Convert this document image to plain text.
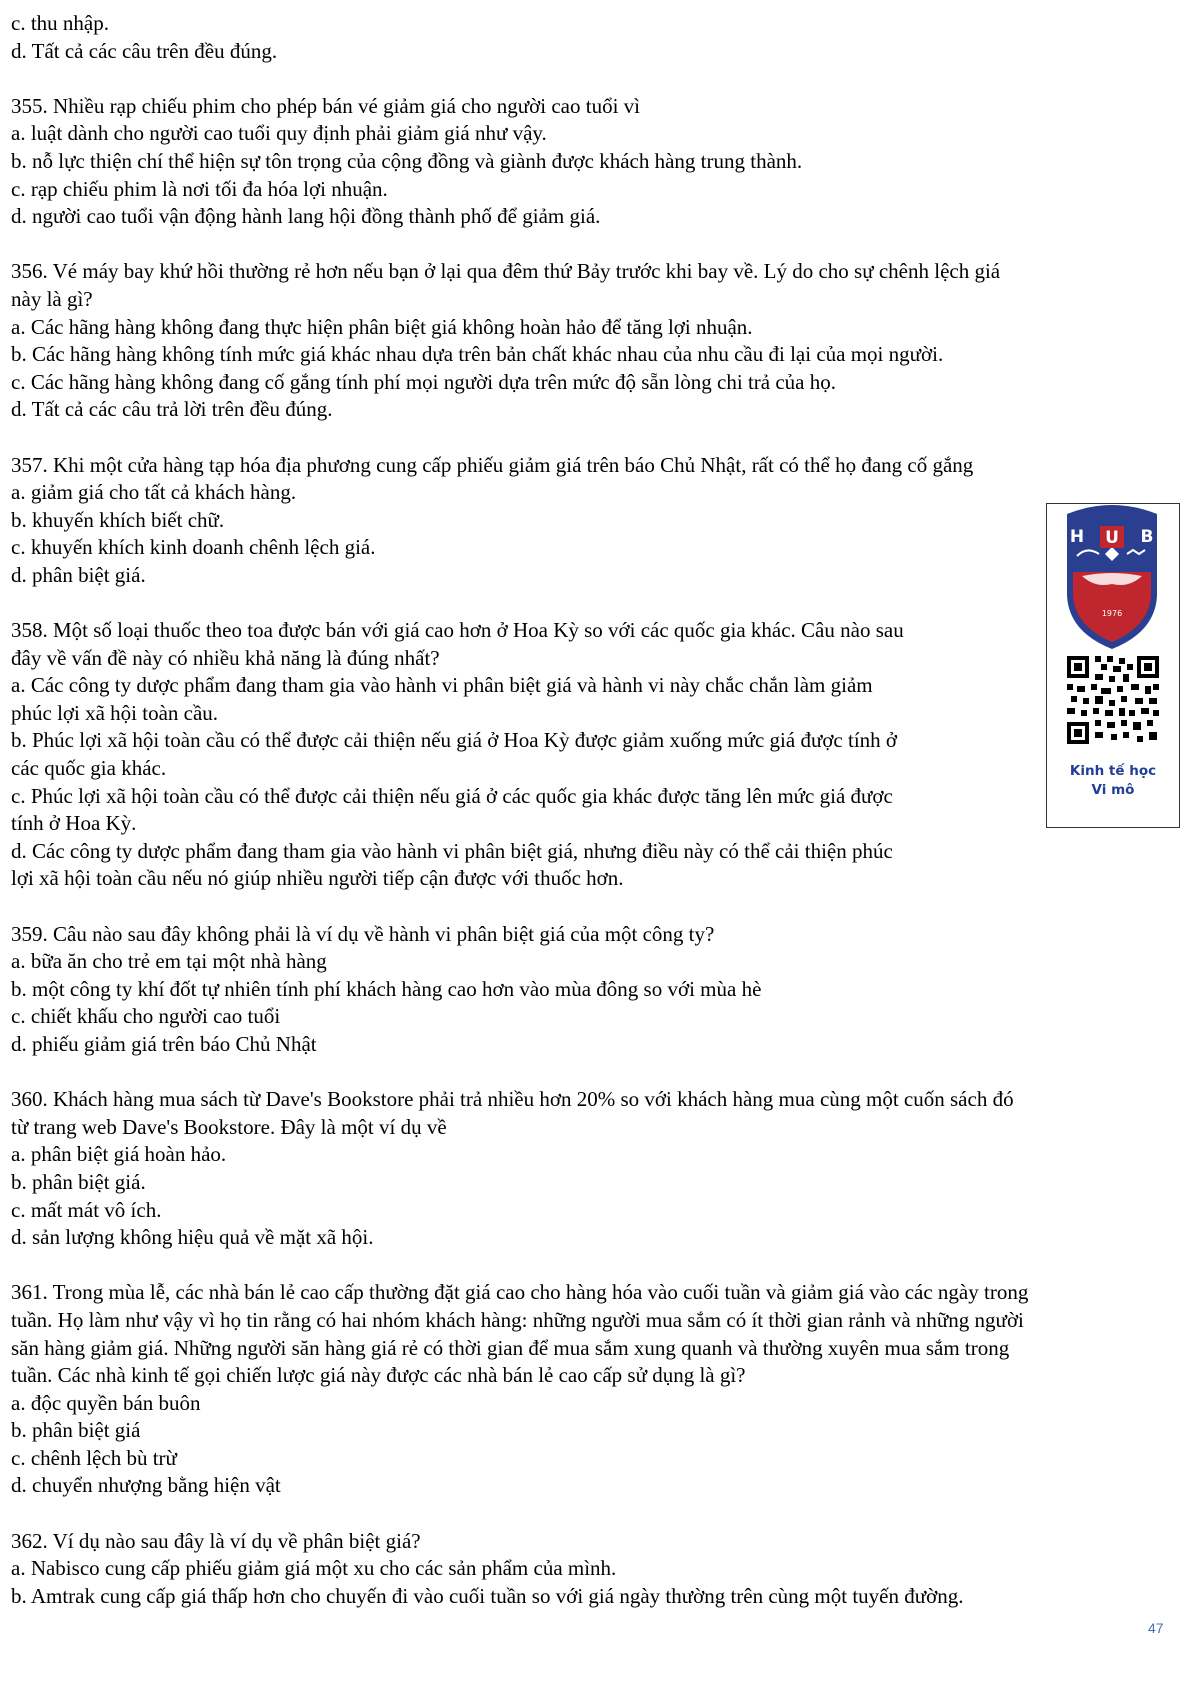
c. thu nhập.
d. Tất cả các câu trên đều đúng.
355. Nhiều rạp chiếu phim cho phép bán vé giảm giá cho người cao tuổi vì
a. luật dành cho người cao tuổi quy định phải giảm giá như vậy.
b. nỗ lực thiện chí thể hiện sự tôn trọng của cộng đồng và giành được khách hàng trung thành.
c. rạp chiếu phim là nơi tối đa hóa lợi nhuận.
d. người cao tuổi vận động hành lang hội đồng thành phố để giảm giá.
356. Vé máy bay khứ hồi thường rẻ hơn nếu bạn ở lại qua đêm thứ Bảy trước khi bay về. Lý do cho sự chênh lệch giá
này là gì?
a. Các hãng hàng không đang thực hiện phân biệt giá không hoàn hảo để tăng lợi nhuận.
b. Các hãng hàng không tính mức giá khác nhau dựa trên bản chất khác nhau của nhu cầu đi lại của mọi người.
c. Các hãng hàng không đang cố gắng tính phí mọi người dựa trên mức độ sẵn lòng chi trả của họ.
d. Tất cả các câu trả lời trên đều đúng.
357. Khi một cửa hàng tạp hóa địa phương cung cấp phiếu giảm giá trên báo Chủ Nhật, rất có thể họ đang cố gắng
a. giảm giá cho tất cả khách hàng.
b. khuyến khích biết chữ.
c. khuyến khích kinh doanh chênh lệch giá.
d. phân biệt giá.
358. Một số loại thuốc theo toa được bán với giá cao hơn ở Hoa Kỳ so với các quốc gia khác. Câu nào sau
đây về vấn đề này có nhiều khả năng là đúng nhất?
a. Các công ty dược phẩm đang tham gia vào hành vi phân biệt giá và hành vi này chắc chắn làm giảm
phúc lợi xã hội toàn cầu.
b. Phúc lợi xã hội toàn cầu có thể được cải thiện nếu giá ở Hoa Kỳ được giảm xuống mức giá được tính ở
các quốc gia khác.
c. Phúc lợi xã hội toàn cầu có thể được cải thiện nếu giá ở các quốc gia khác được tăng lên mức giá được
tính ở Hoa Kỳ.
d. Các công ty dược phẩm đang tham gia vào hành vi phân biệt giá, nhưng điều này có thể cải thiện phúc
lợi xã hội toàn cầu nếu nó giúp nhiều người tiếp cận được với thuốc hơn.
359. Câu nào sau đây không phải là ví dụ về hành vi phân biệt giá của một công ty?
a. bữa ăn cho trẻ em tại một nhà hàng
b. một công ty khí đốt tự nhiên tính phí khách hàng cao hơn vào mùa đông so với mùa hè
c. chiết khấu cho người cao tuổi
d. phiếu giảm giá trên báo Chủ Nhật
360. Khách hàng mua sách từ Dave's Bookstore phải trả nhiều hơn 20% so với khách hàng mua cùng một cuốn sách đó
từ trang web Dave's Bookstore. Đây là một ví dụ về
a. phân biệt giá hoàn hảo.
b. phân biệt giá.
c. mất mát vô ích.
d. sản lượng không hiệu quả về mặt xã hội.
361. Trong mùa lễ, các nhà bán lẻ cao cấp thường đặt giá cao cho hàng hóa vào cuối tuần và giảm giá vào các ngày trong
tuần. Họ làm như vậy vì họ tin rằng có hai nhóm khách hàng: những người mua sắm có ít thời gian rảnh và những người
săn hàng giảm giá. Những người săn hàng giá rẻ có thời gian để mua sắm xung quanh và thường xuyên mua sắm trong
tuần. Các nhà kinh tế gọi chiến lược giá này được các nhà bán lẻ cao cấp sử dụng là gì?
a. độc quyền bán buôn
b. phân biệt giá
c. chênh lệch bù trừ
d. chuyển nhượng bằng hiện vật
362. Ví dụ nào sau đây là ví dụ về phân biệt giá?
a. Nabisco cung cấp phiếu giảm giá một xu cho các sản phẩm của mình.
b. Amtrak cung cấp giá thấp hơn cho chuyến đi vào cuối tuần so với giá ngày thường trên cùng một tuyến đường.
H U B
1976
Kinh tế học
Vi mô
47
